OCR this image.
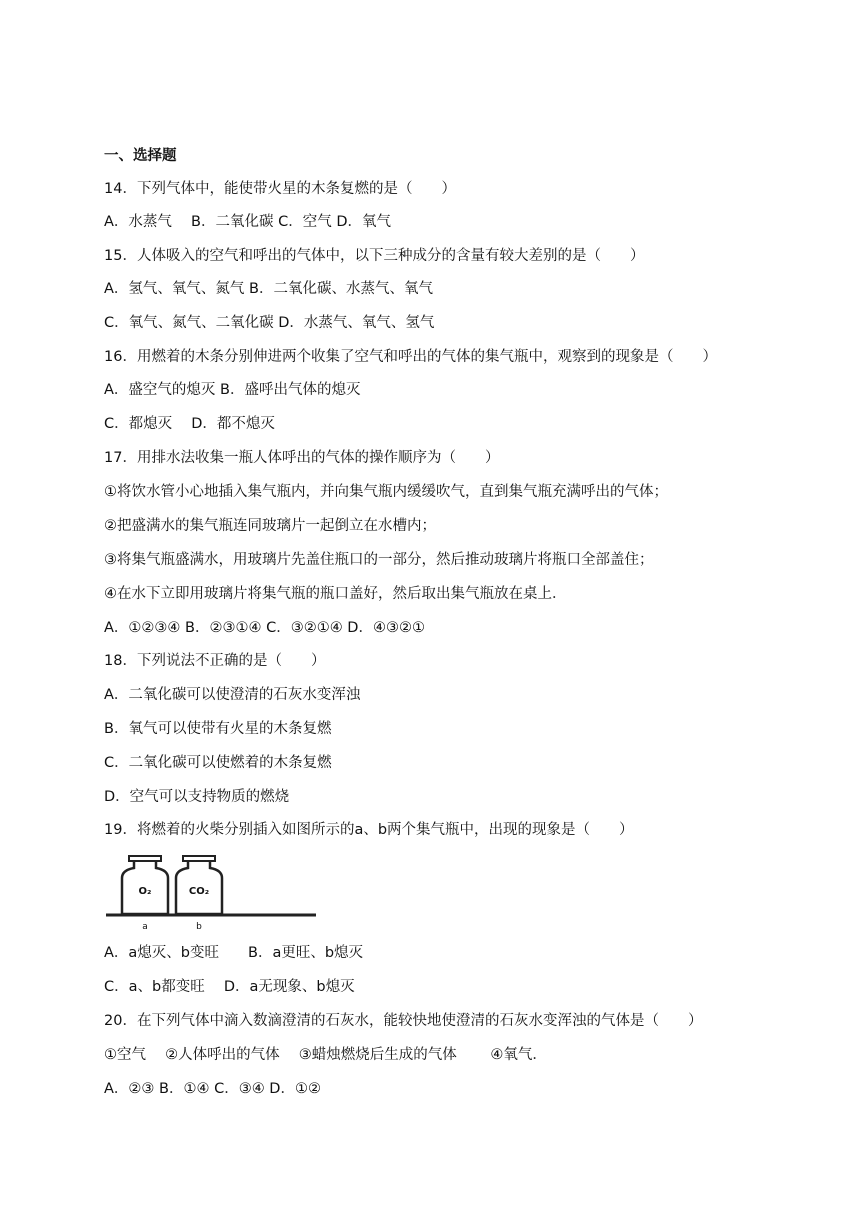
一、选择题
14．下列气体中，能使带火星的木条复燃的是（　　）
A．水蒸气　 B．二氧化碳 C．空气 D．氧气
15．人体吸入的空气和呼出的气体中，以下三种成分的含量有较大差别的是（　　）
A．氢气、氧气、氮气 B．二氧化碳、水蒸气、氧气
C．氧气、氮气、二氧化碳 D．水蒸气、氧气、氢气
16．用燃着的木条分别伸进两个收集了空气和呼出的气体的集气瓶中，观察到的现象是（　　）
A．盛空气的熄灭 B．盛呼出气体的熄灭
C．都熄灭　 D．都不熄灭
17．用排水法收集一瓶人体呼出的气体的操作顺序为（　　）
①将饮水管小心地插入集气瓶内，并向集气瓶内缓缓吹气，直到集气瓶充满呼出的气体；
②把盛满水的集气瓶连同玻璃片一起倒立在水槽内；
③将集气瓶盛满水，用玻璃片先盖住瓶口的一部分，然后推动玻璃片将瓶口全部盖住；
④在水下立即用玻璃片将集气瓶的瓶口盖好，然后取出集气瓶放在桌上．
A．①②③④ B．②③①④ C．③②①④ D．④③②①
18．下列说法不正确的是（　　）
A．二氧化碳可以使澄清的石灰水变浑浊
B．氧气可以使带有火星的木条复燃
C．二氧化碳可以使燃着的木条复燃
D．空气可以支持物质的燃烧
19．将燃着的火柴分别插入如图所示的a、b两个集气瓶中，出现的现象是（　　）
O₂	CO₂
a	b
A．a熄灭、b变旺　　B．a更旺、b熄灭
C．a、b都变旺　 D．a无现象、b熄灭
20．在下列气体中滴入数滴澄清的石灰水，能较快地使澄清的石灰水变浑浊的气体是（　　）
①空气　 ②人体呼出的气体　 ③蜡烛燃烧后生成的气体　　 ④氧气．
A．②③ B．①④ C．③④ D．①②
